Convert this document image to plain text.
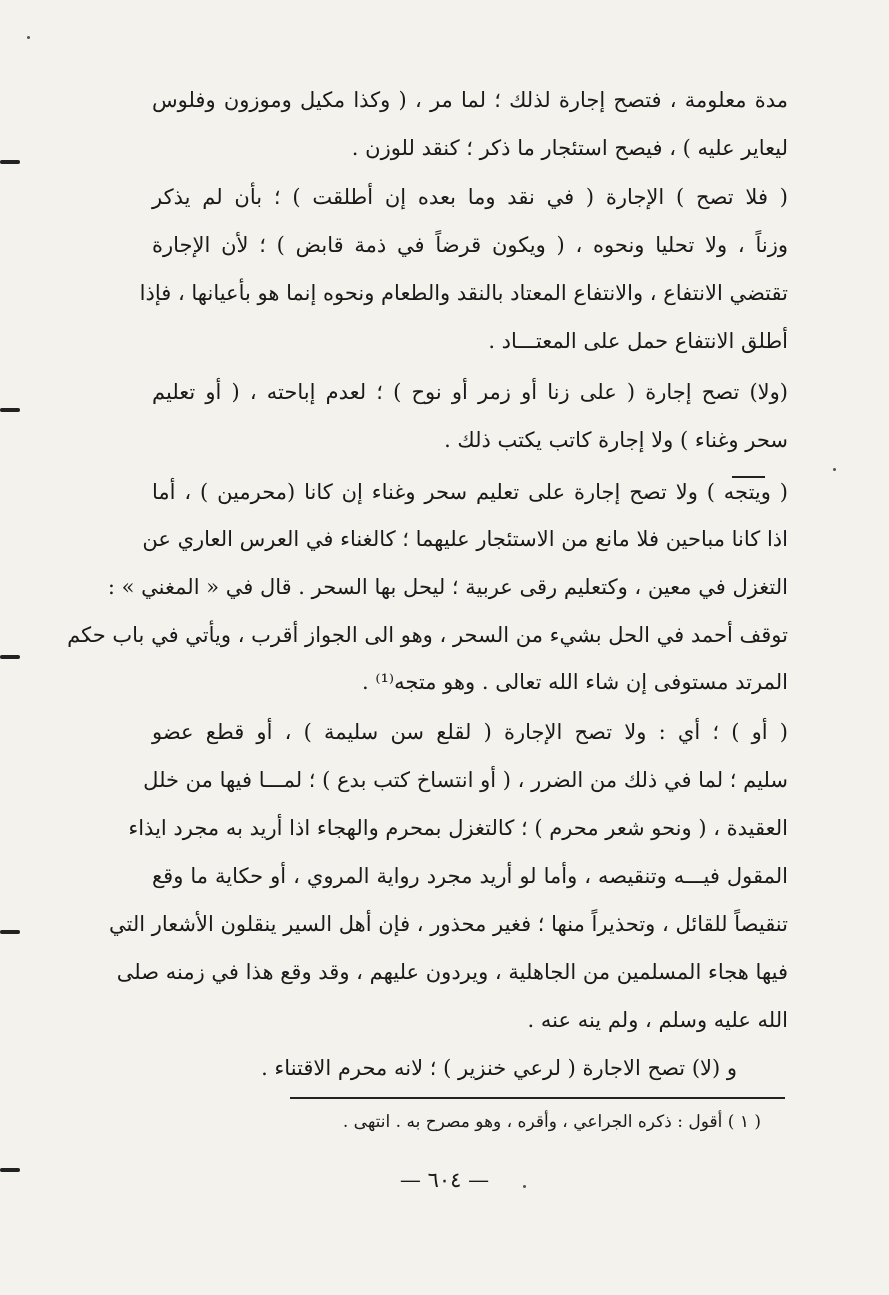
مدة معلومة ، فتصح إجارة لذلك ؛ لما مر ، ( وكذا مكيل وموزون وفلوس
ليعاير عليه ) ، فيصح استئجار ما ذكر ؛ كنقد للوزن .
( فلا تصح ) الإجارة ( في نقد وما بعده إن أطلقت ) ؛ بأن لم يذكر
وزناً ، ولا تحليا ونحوه ، ( ويكون قرضاً في ذمة قابض ) ؛ لأن الإجارة
تقتضي الانتفاع ، والانتفاع المعتاد بالنقد والطعام ونحوه إنما هو بأعيانها ، فإذا
أطلق الانتفاع حمل على المعتـــاد .
(ولا) تصح إجارة ( على زنا أو زمر أو نوح ) ؛ لعدم إباحته ، ( أو تعليم
سحر وغناء ) ولا إجارة كاتب يكتب ذلك .
( ويتجه ) ولا تصح إجارة على تعليم سحر وغناء إن كانا (محرمين ) ، أما
اذا كانا مباحين فلا مانع من الاستئجار عليهما ؛ كالغناء في العرس العاري عن
التغزل في معين ، وكتعليم رقى عربية ؛ ليحل بها السحر . قال في « المغني » :
توقف أحمد في الحل بشيء من السحر ، وهو الى الجواز أقرب ، ويأتي في باب حكم
المرتد مستوفى إن شاء الله تعالى . وهو متجه⁽¹⁾ .
( أو ) ؛ أي : ولا تصح الإجارة ( لقلع سن سليمة ) ، أو قطع عضو
سليم ؛ لما في ذلك من الضرر ، ( أو انتساخ كتب بدع ) ؛ لمـــا فيها من خلل
العقيدة ، ( ونحو شعر محرم ) ؛ كالتغزل بمحرم والهجاء اذا أريد به مجرد ايذاء
المقول فيـــه وتنقيصه ، وأما لو أريد مجرد رواية المروي ، أو حكاية ما وقع
تنقيصاً للقائل ، وتحذيراً منها ؛ فغير محذور ، فإن أهل السير ينقلون الأشعار التي
فيها هجاء المسلمين من الجاهلية ، ويردون عليهم ، وقد وقع هذا في زمنه صلى
الله عليه وسلم ، ولم ينه عنه .
و (لا) تصح الاجارة ( لرعي خنزير ) ؛ لانه محرم الاقتناء .
( ١ ) أقول : ذكره الجراعي ، وأقره ، وهو مصرح به . انتهى .
— ٦٠٤ —
